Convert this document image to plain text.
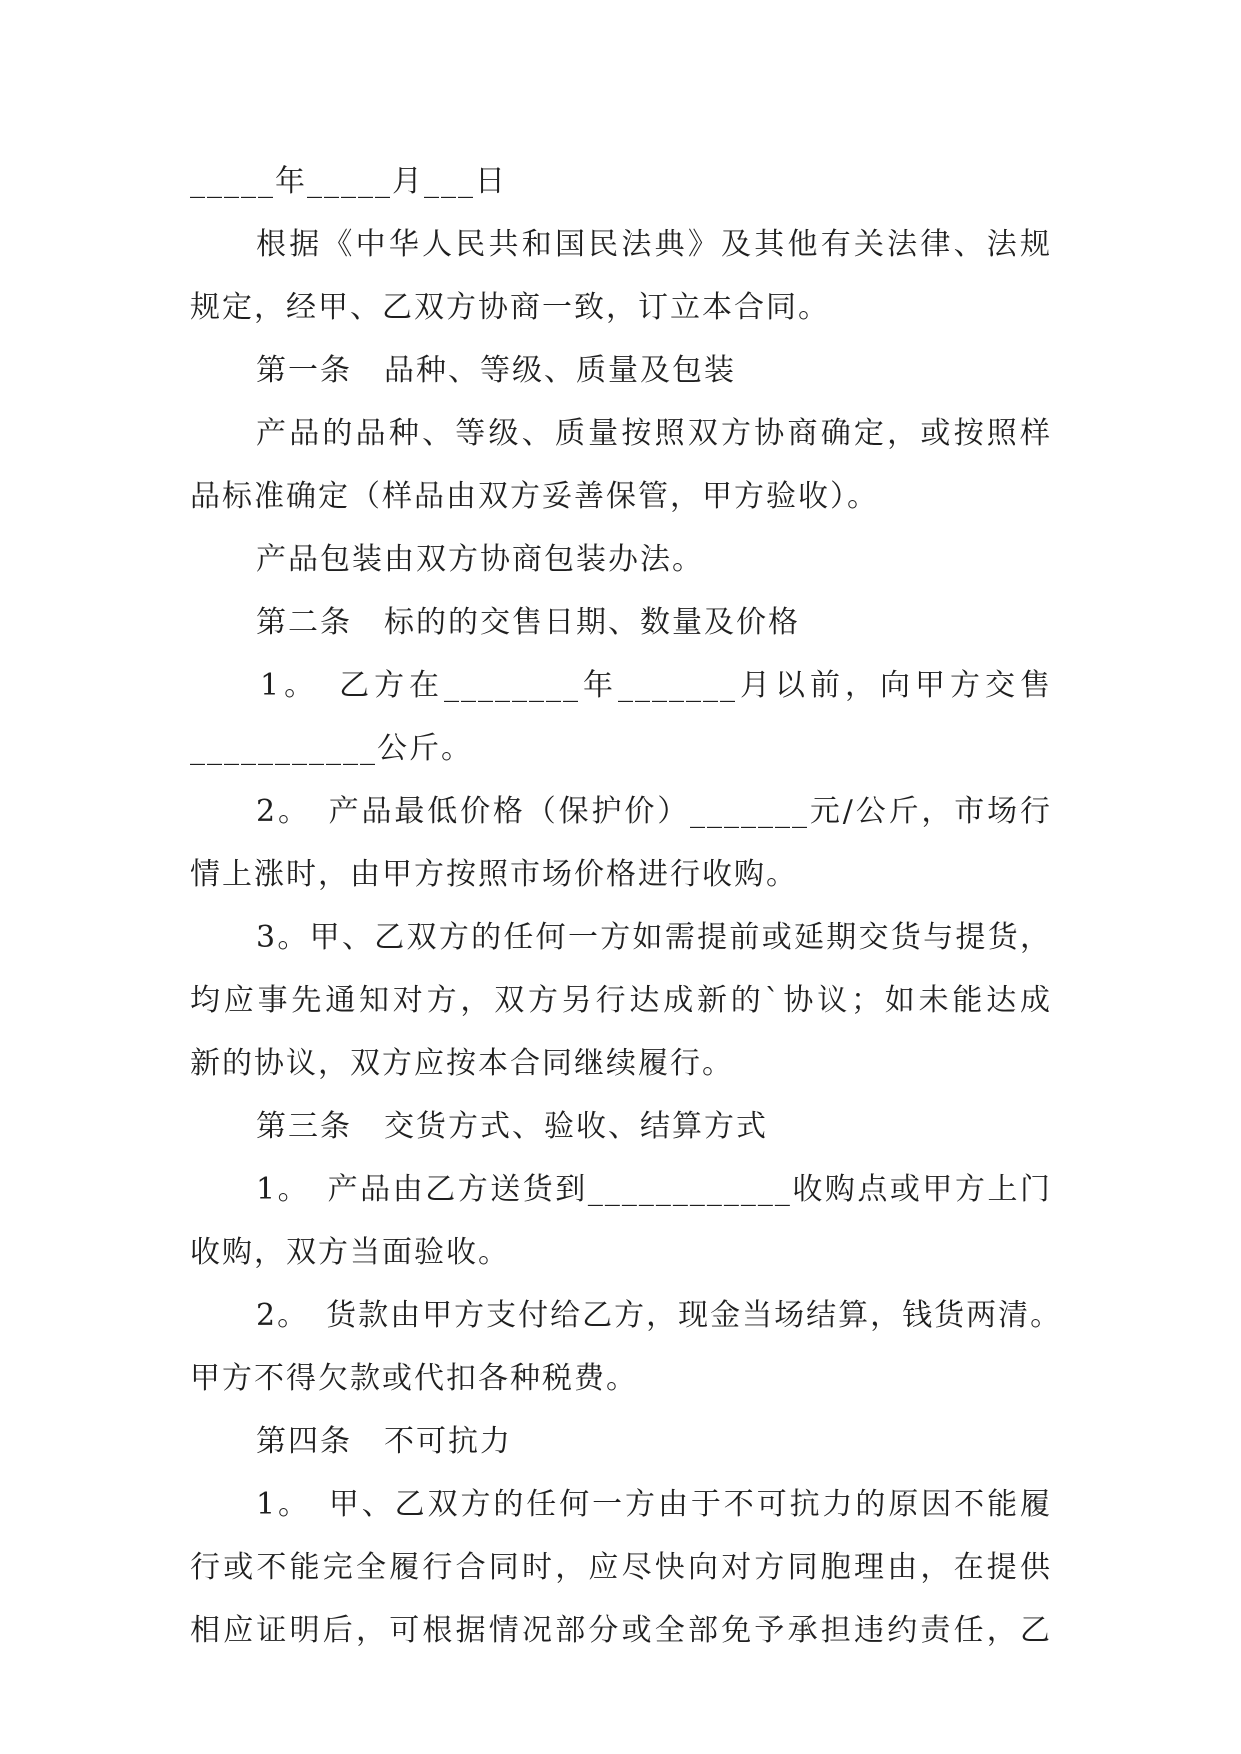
_____年_____月___日
根据《中华人民共和国民法典》及其他有关法律、法规
规定，经甲、乙双方协商一致，订立本合同。
第一条　品种、等级、质量及包装
产品的品种、等级、质量按照双方协商确定，或按照样
品标准确定（样品由双方妥善保管，甲方验收）。
产品包装由双方协商包装办法。
第二条　标的的交售日期、数量及价格
1。　乙方在________年_______月以前，向甲方交售
___________公斤。
2。　产品最低价格（保护价）_______元/公斤，市场行
情上涨时，由甲方按照市场价格进行收购。
3。甲、乙双方的任何一方如需提前或延期交货与提货，
均应事先通知对方，双方另行达成新的`协议；如未能达成
新的协议，双方应按本合同继续履行。
第三条　交货方式、验收、结算方式
1。　产品由乙方送货到____________收购点或甲方上门
收购，双方当面验收。
2。　货款由甲方支付给乙方，现金当场结算，钱货两清。
甲方不得欠款或代扣各种税费。
第四条　不可抗力
1。　甲、乙双方的任何一方由于不可抗力的原因不能履
行或不能完全履行合同时，应尽快向对方同胞理由，在提供
相应证明后，可根据情况部分或全部免予承担违约责任，乙
